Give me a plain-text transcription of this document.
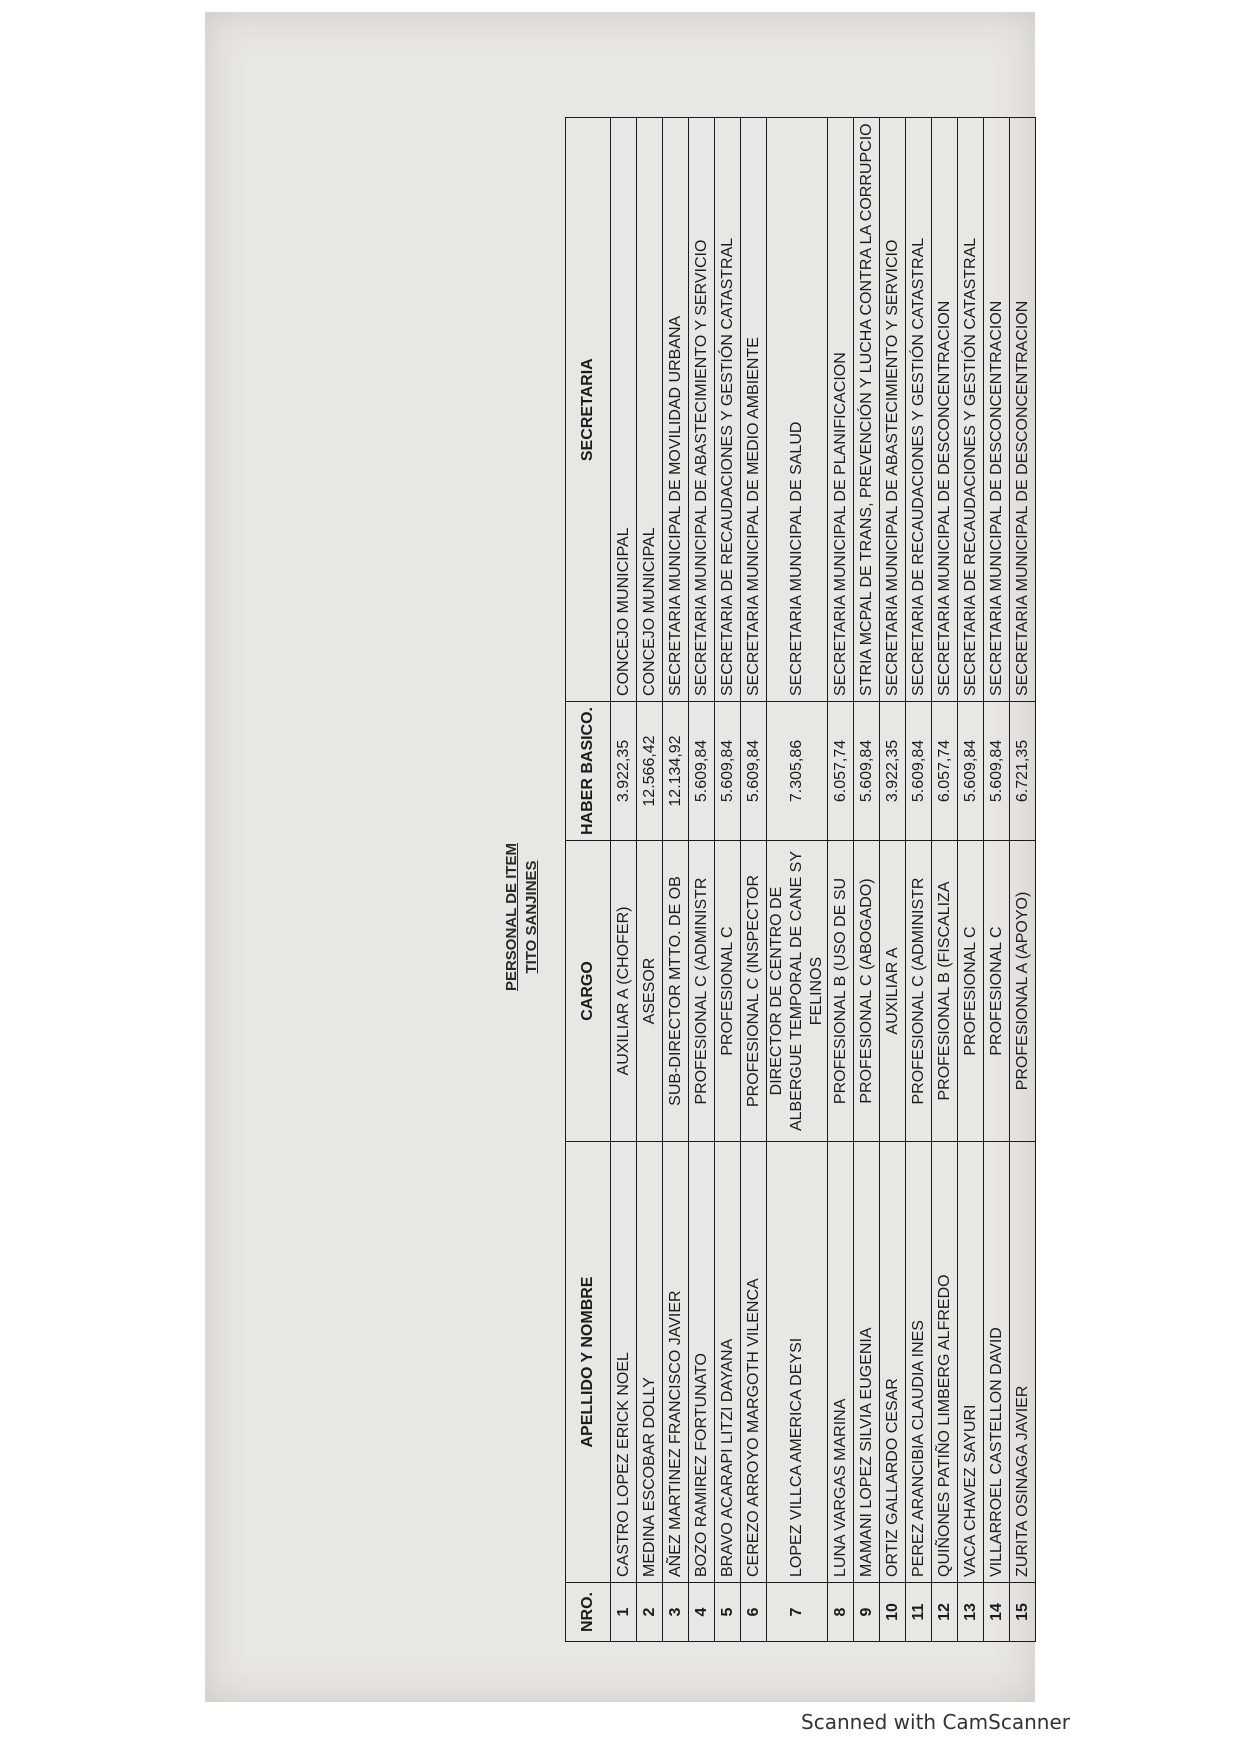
PERSONAL DE ITEM TITO SANJINES
NRO.	APELLIDO Y NOMBRE	CARGO	HABER BASICO.	SECRETARIA
1	CASTRO LOPEZ ERICK NOEL	AUXILIAR A (CHOFER)	3.922,35	CONCEJO MUNICIPAL
2	MEDINA ESCOBAR DOLLY	ASESOR	12.566,42	CONCEJO MUNICIPAL
3	AÑEZ MARTINEZ FRANCISCO JAVIER	SUB-DIRECTOR MTTO. DE OB	12.134,92	SECRETARIA MUNICIPAL DE MOVILIDAD URBANA
4	BOZO RAMIREZ FORTUNATO	PROFESIONAL C (ADMINISTR	5.609,84	SECRETARIA MUNICIPAL DE ABASTECIMIENTO Y SERVICIO
5	BRAVO ACARAPI LITZI DAYANA	PROFESIONAL C	5.609,84	SECRETARIA DE RECAUDACIONES Y GESTIÓN CATASTRAL
6	CEREZO ARROYO MARGOTH VILENCA	PROFESIONAL C (INSPECTOR	5.609,84	SECRETARIA MUNICIPAL DE MEDIO AMBIENTE
7	LOPEZ VILLCA AMERICA DEYSI	DIRECTOR DE CENTRO DE ALBERGUE TEMPORAL DE CANE SY FELINOS	7.305,86	SECRETARIA MUNICIPAL DE SALUD
8	LUNA VARGAS MARINA	PROFESIONAL B (USO DE SU	6.057,74	SECRETARIA MUNICIPAL DE PLANIFICACION
9	MAMANI LOPEZ SILVIA EUGENIA	PROFESIONAL C (ABOGADO)	5.609,84	STRIA MCPAL DE TRANS, PREVENCIÓN Y LUCHA CONTRA LA CORRUPCIO
10	ORTIZ GALLARDO CESAR	AUXILIAR A	3.922,35	SECRETARIA MUNICIPAL DE ABASTECIMIENTO Y SERVICIO
11	PEREZ ARANCIBIA CLAUDIA INES	PROFESIONAL C (ADMINISTR	5.609,84	SECRETARIA DE RECAUDACIONES Y GESTIÓN CATASTRAL
12	QUIÑONES PATIÑO LIMBERG ALFREDO	PROFESIONAL B (FISCALIZA	6.057,74	SECRETARIA MUNICIPAL DE DESCONCENTRACION
13	VACA CHAVEZ SAYURI	PROFESIONAL C	5.609,84	SECRETARIA DE RECAUDACIONES Y GESTIÓN CATASTRAL
14	VILLARROEL CASTELLON DAVID	PROFESIONAL C	5.609,84	SECRETARIA MUNICIPAL DE DESCONCENTRACION
15	ZURITA OSINAGA JAVIER	PROFESIONAL A (APOYO)	6.721,35	SECRETARIA MUNICIPAL DE DESCONCENTRACION
Scanned with CamScanner
